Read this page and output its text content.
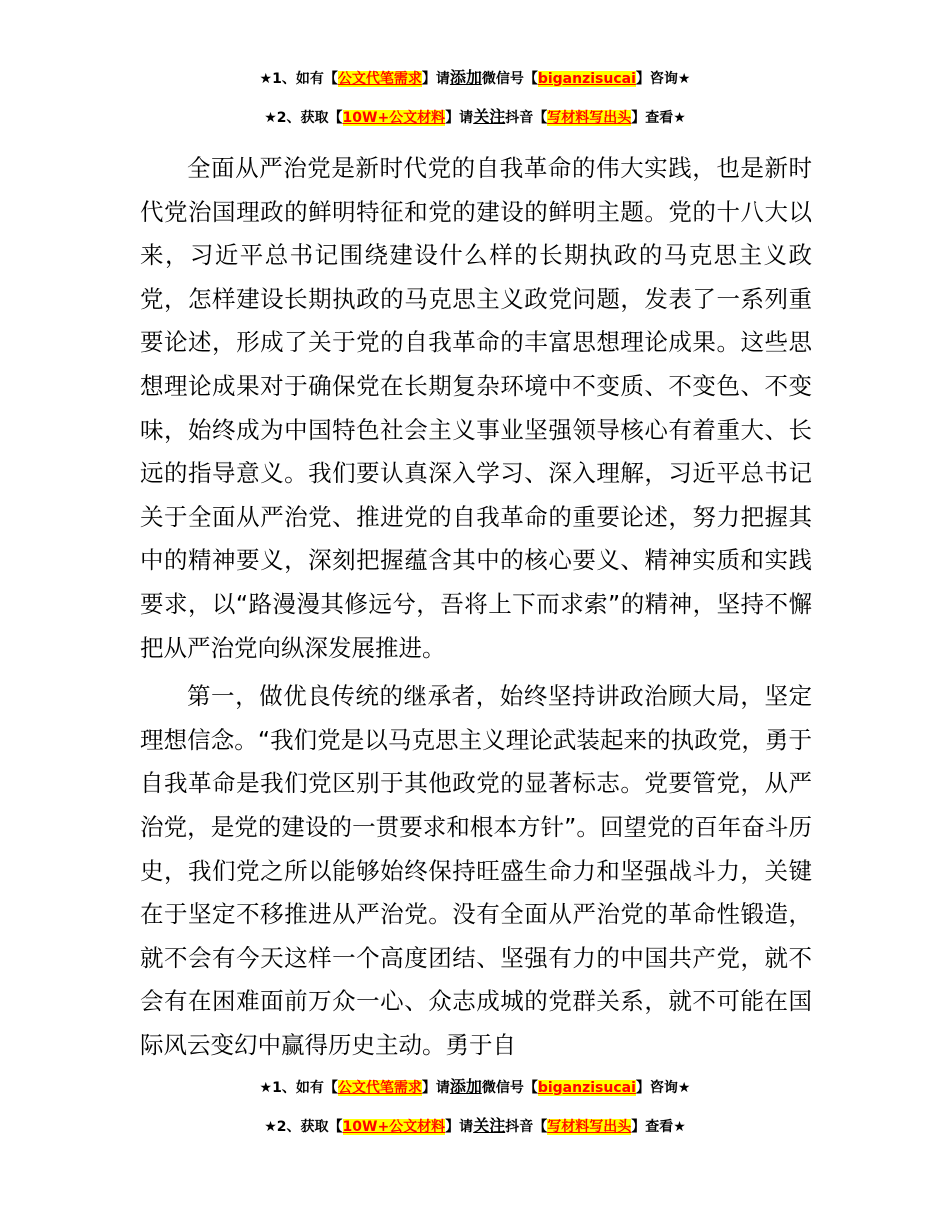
★1、如有【公文代笔需求】请添加微信号【biganzisucai】咨询★
★2、获取【10W+公文材料】请关注抖音【写材料写出头】查看★

全面从严治党是新时代党的自我革命的伟大实践，也是新时代党治国理政的鲜明特征和党的建设的鲜明主题。党的十八大以来，习近平总书记围绕建设什么样的长期执政的马克思主义政党，怎样建设长期执政的马克思主义政党问题，发表了一系列重要论述，形成了关于党的自我革命的丰富思想理论成果。这些思想理论成果对于确保党在长期复杂环境中不变质、不变色、不变味，始终成为中国特色社会主义事业坚强领导核心有着重大、长远的指导意义。我们要认真深入学习、深入理解，习近平总书记关于全面从严治党、推进党的自我革命的重要论述，努力把握其中的精神要义，深刻把握蕴含其中的核心要义、精神实质和实践要求，以“路漫漫其修远兮，吾将上下而求索”的精神，坚持不懈把从严治党向纵深发展推进。

第一，做优良传统的继承者，始终坚持讲政治顾大局，坚定理想信念。“我们党是以马克思主义理论武装起来的执政党，勇于自我革命是我们党区别于其他政党的显著标志。党要管党，从严治党，是党的建设的一贯要求和根本方针”。回望党的百年奋斗历史，我们党之所以能够始终保持旺盛生命力和坚强战斗力，关键在于坚定不移推进从严治党。没有全面从严治党的革命性锻造，就不会有今天这样一个高度团结、坚强有力的中国共产党，就不会有在困难面前万众一心、众志成城的党群关系，就不可能在国际风云变幻中赢得历史主动。勇于自

★1、如有【公文代笔需求】请添加微信号【biganzisucai】咨询★
★2、获取【10W+公文材料】请关注抖音【写材料写出头】查看★
